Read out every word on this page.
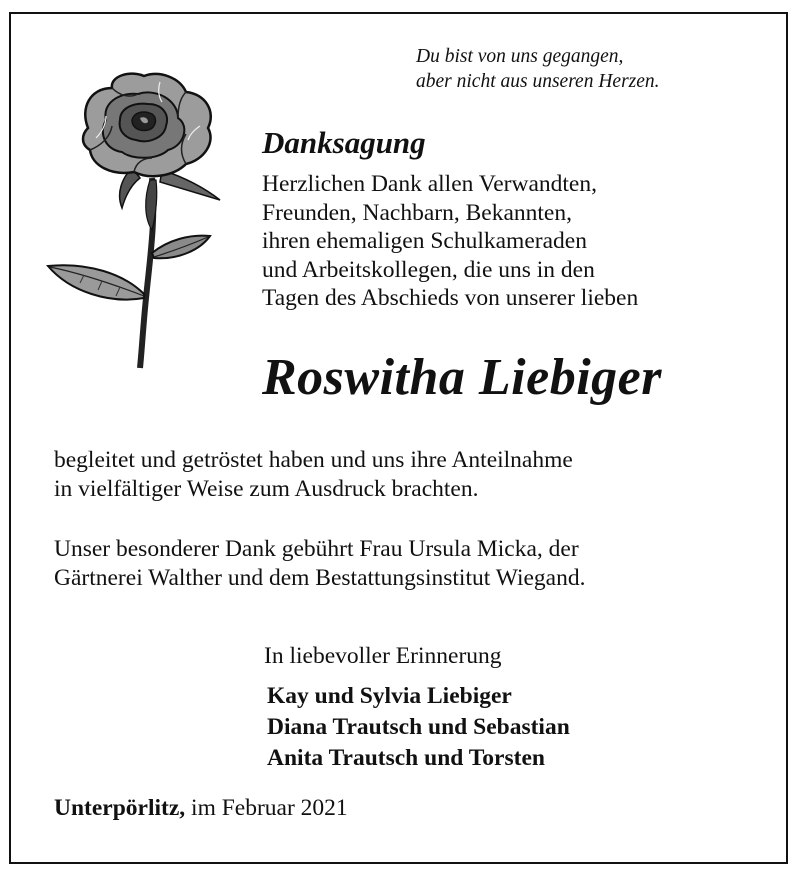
Du bist von uns gegangen,
aber nicht aus unseren Herzen.
Danksagung
Herzlichen Dank allen Verwandten,
Freunden, Nachbarn, Bekannten,
ihren ehemaligen Schulkameraden
und Arbeitskollegen, die uns in den
Tagen des Abschieds von unserer lieben
Roswitha Liebiger
begleitet und getröstet haben und uns ihre Anteilnahme
in vielfältiger Weise zum Ausdruck brachten.
Unser besonderer Dank gebührt Frau Ursula Micka, der
Gärtnerei Walther und dem Bestattungsinstitut Wiegand.
In liebevoller Erinnerung
Kay und Sylvia Liebiger
Diana Trautsch und Sebastian
Anita Trautsch und Torsten
Unterpörlitz, im Februar 2021
